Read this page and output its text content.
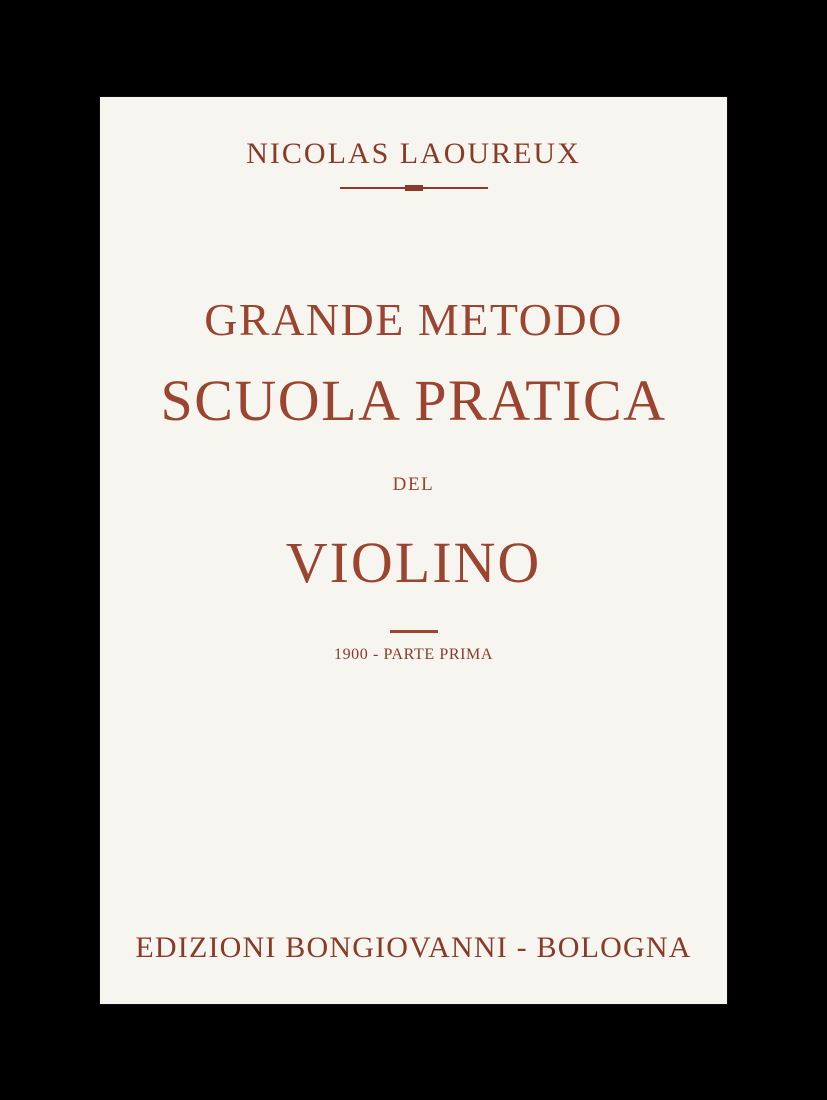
NICOLAS LAOUREUX
GRANDE METODO
SCUOLA PRATICA
DEL
VIOLINO
1900 - PARTE PRIMA
EDIZIONI BONGIOVANNI - BOLOGNA
